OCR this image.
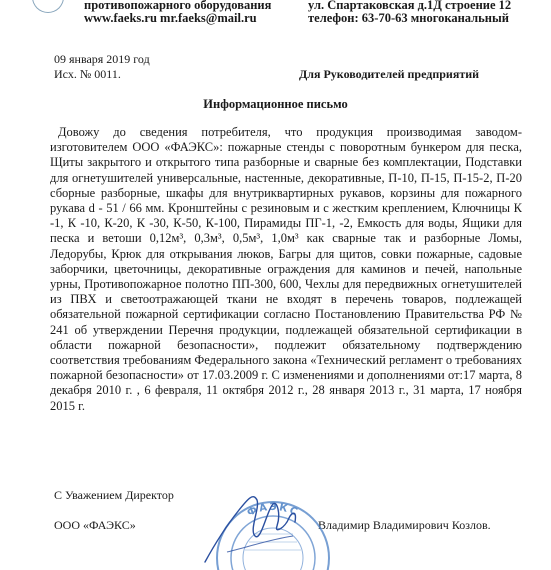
противопожарного оборудования
www.faeks.ru mr.faeks@mail.ru
ул. Спартаковская д.1Д строение 12
телефон: 63-70-63 многоканальный
09 января 2019 год
Исх. № 0011.	Для Руководителей предприятий
Информационное письмо

Довожу до сведения потребителя, что продукция производимая заводом-изготовителем ООО «ФАЭКС»: пожарные стенды с поворотным бункером для песка, Щиты закрытого и открытого типа разборные и сварные без комплектации, Подставки для огнетушителей универсальные, настенные, декоративные, П-10, П-15, П-15-2, П-20 сборные разборные, шкафы для внутриквартирных рукавов, корзины для пожарного рукава d - 51 / 66 мм. Кронштейны с резиновым и с жестким креплением, Ключницы К -1, К -10, К-20, К -30, К-50, К-100, Пирамиды ПГ-1, -2, Емкость для воды, Ящики для песка и ветоши 0,12м³, 0,3м³, 0,5м³, 1,0м³ как сварные так и разборные Ломы, Ледорубы, Крюк для открывания люков, Багры для щитов, совки пожарные, садовые заборчики, цветочницы, декоративные ограждения для каминов и печей, напольные урны, Противопожарное полотно ПП-300, 600, Чехлы для передвижных огнетушителей из ПВХ и светоотражающей ткани не входят в перечень товаров, подлежащей обязательной пожарной сертификации согласно Постановлению Правительства РФ № 241 об утверждении Перечня продукции, подлежащей обязательной сертификации в области пожарной безопасности», подлежит обязательному подтверждению соответствия требованиям Федерального закона «Технический регламент о требованиях пожарной безопасности» от 17.03.2009 г. С изменениями и дополнениями от:17 марта, 8 декабря 2010 г. , 6 февраля, 11 октября 2012 г., 28 января 2013 г., 31 марта, 17 ноября 2015 г.

С Уважением Директор
ООО «ФАЭКС»	Владимир Владимирович Козлов.
ФАЭКС
